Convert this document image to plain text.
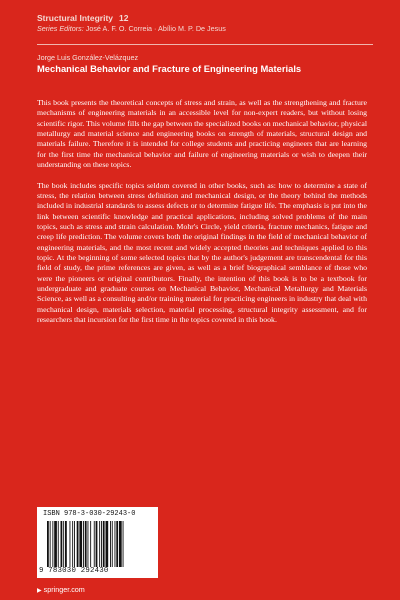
Structural Integrity 12
Series Editors: José A. F. O. Correia · Abílio M. P. De Jesus
Jorge Luis González-Velázquez
Mechanical Behavior and Fracture of Engineering Materials

This book presents the theoretical concepts of stress and strain, as well as the strengthening and fracture mechanisms of engineering materials in an accessible level for non-expert readers, but without losing scientific rigor. This volume fills the gap between the specialized books on mechanical behavior, physical metallurgy and material science and engineering books on strength of materials, structural design and materials failure. Therefore it is intended for college students and practicing engineers that are learning for the first time the mechanical behavior and failure of engineering materials or wish to deepen their understanding on these topics.

The book includes specific topics seldom covered in other books, such as: how to determine a state of stress, the relation between stress definition and mechanical design, or the theory behind the methods included in industrial standards to assess defects or to determine fatigue life. The emphasis is put into the link between scientific knowledge and practical applications, including solved problems of the main topics, such as stress and strain calculation. Mohr's Circle, yield criteria, fracture mechanics, fatigue and creep life prediction. The volume covers both the original findings in the field of mechanical behavior of engineering materials, and the most recent and widely accepted theories and techniques applied to this topic. At the beginning of some selected topics that by the author's judgement are transcendental for this field of study, the prime references are given, as well as a brief biographical semblance of those who were the pioneers or original contributors. Finally, the intention of this book is to be a textbook for undergraduate and graduate courses on Mechanical Behavior, Mechanical Metallurgy and Materials Science, as well as a consulting and/or training material for practicing engineers in industry that deal with mechanical design, materials selection, material processing, structural integrity assessment, and for researchers that incursion for the first time in the topics covered in this book.

ISBN 978-3-030-29243-0
9 783030 292430
▶ springer.com
